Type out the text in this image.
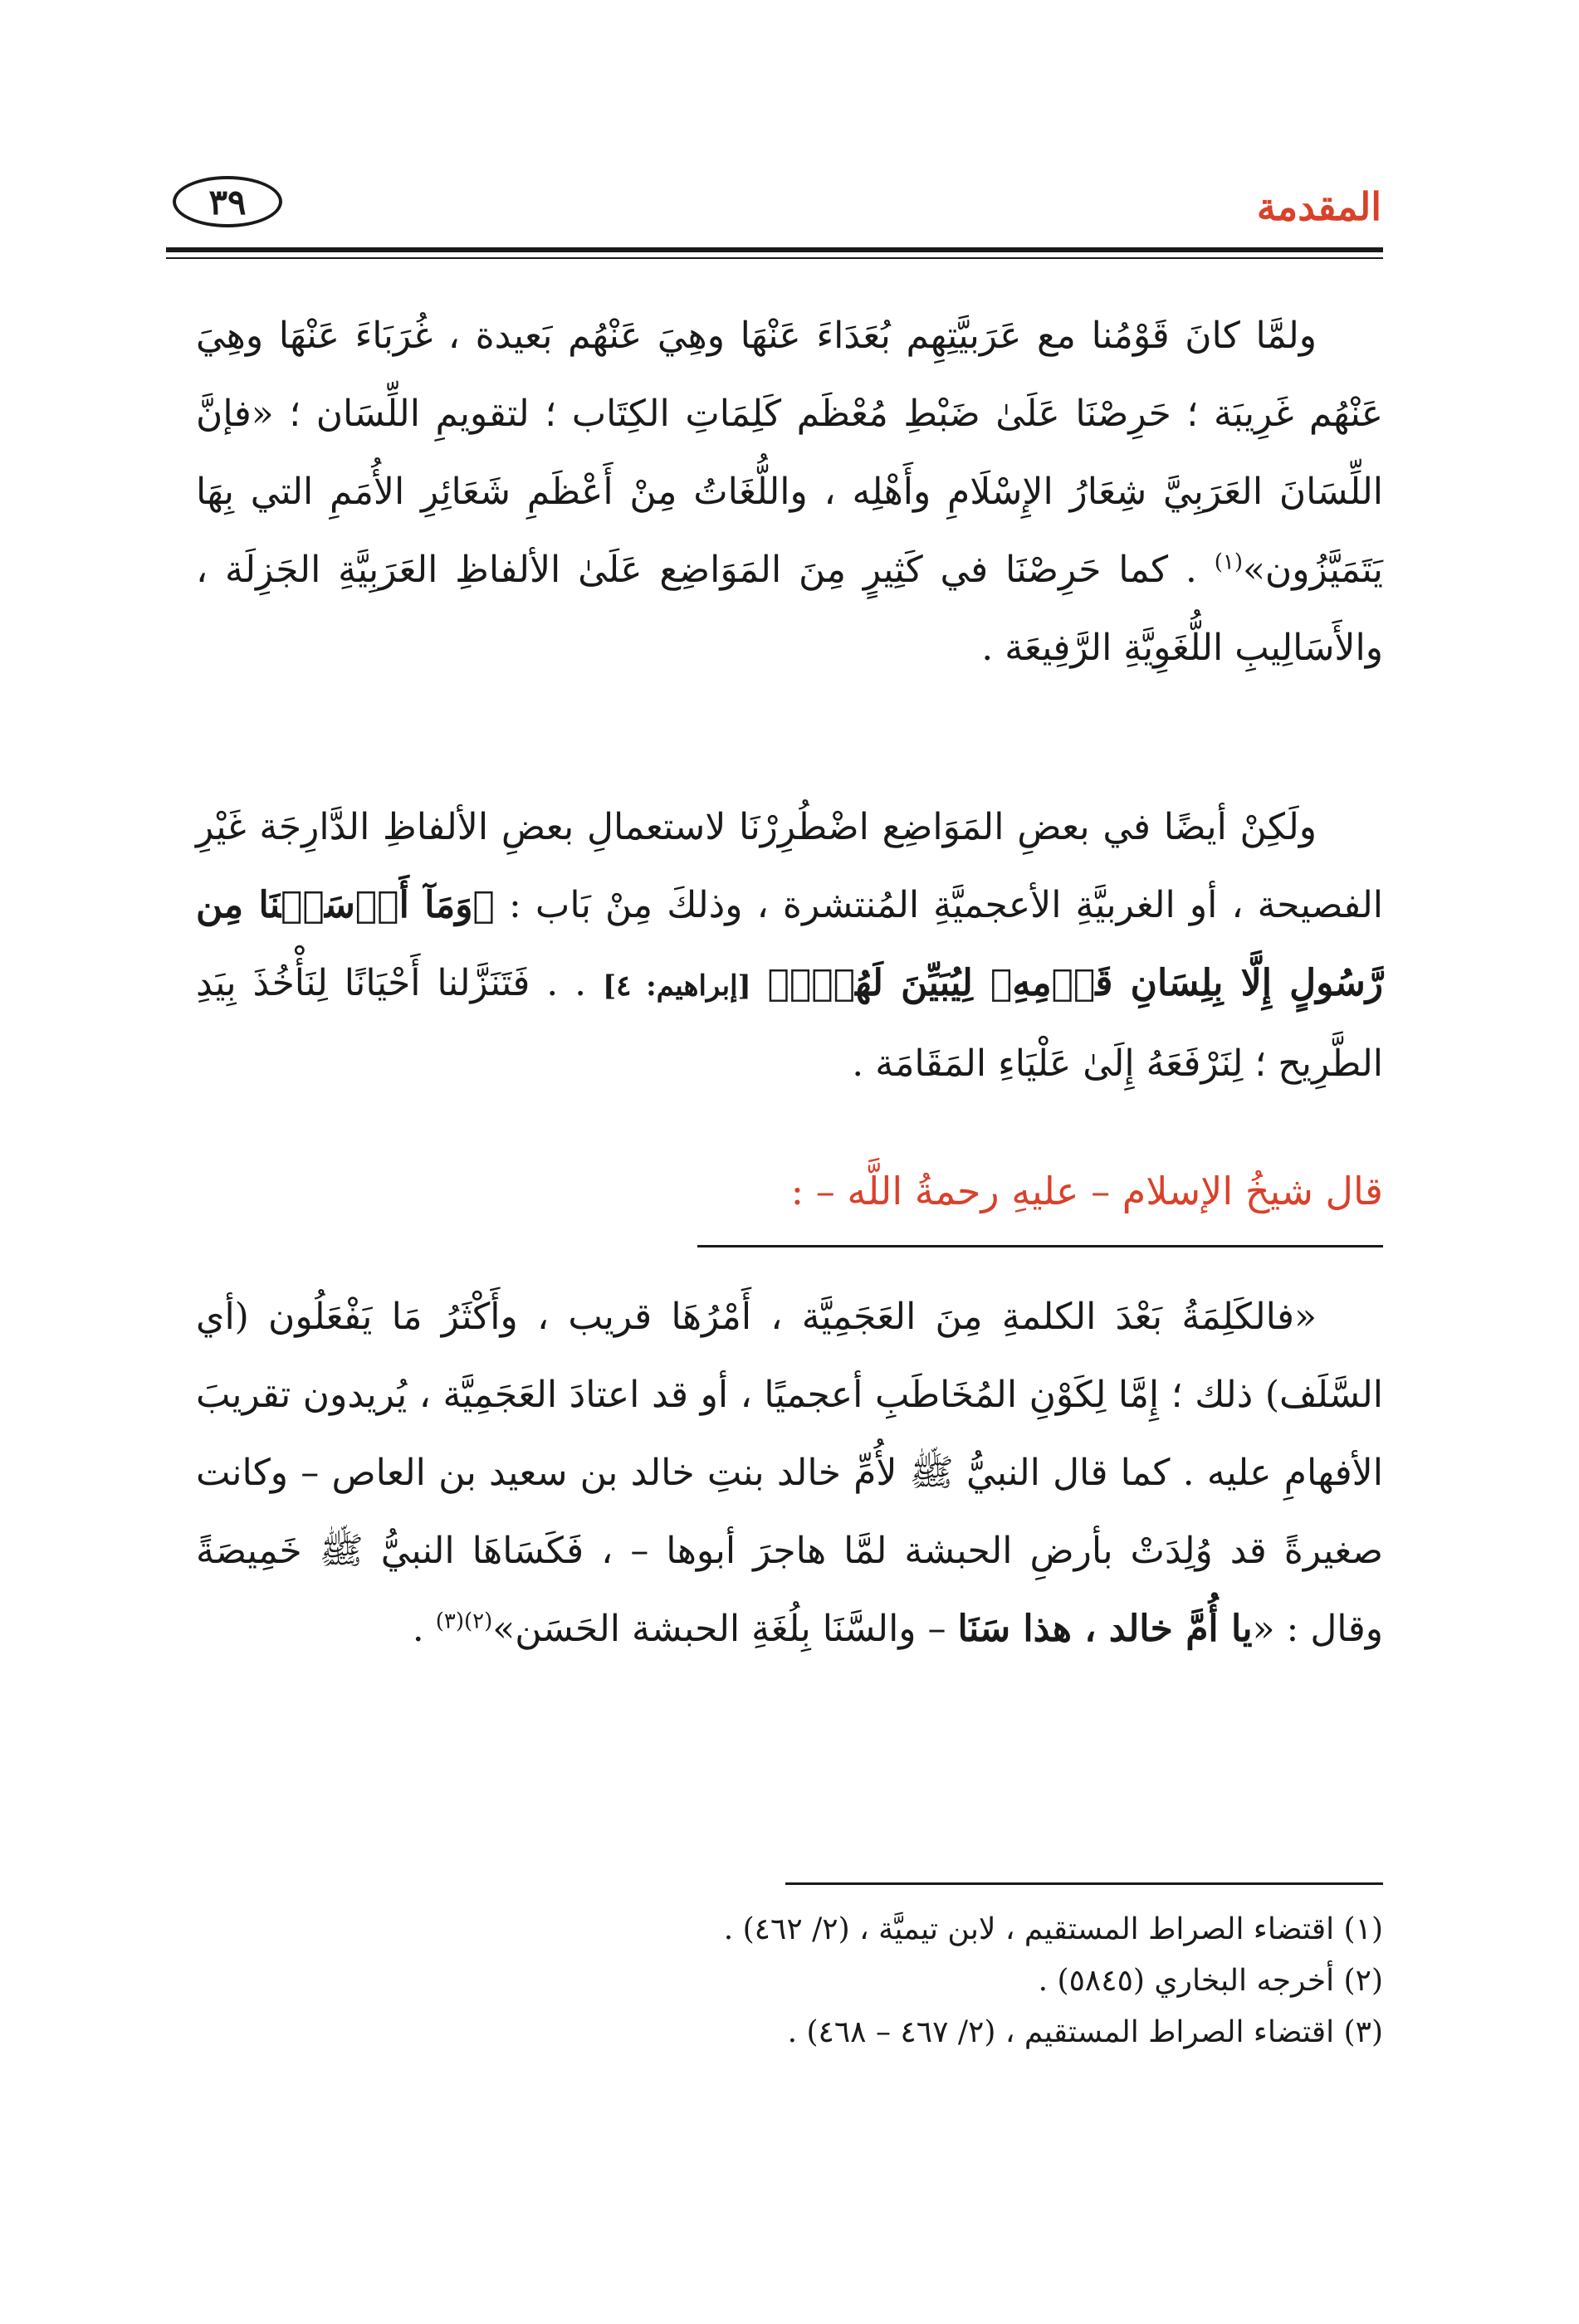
المقدمة
٣٩

ولمَّا كانَ قَوْمُنا مع عَرَبيَّتِهِم بُعَدَاءَ عَنْهَا وهِيَ عَنْهُم بَعيدة ، غُرَبَاءَ عَنْهَا وهِيَ عَنْهُم غَرِيبَة ؛ حَرِصْنَا عَلَىٰ ضَبْطِ مُعْظَم كَلِمَاتِ الكِتَاب ؛ لتقويمِ اللِّسَان ؛ «فإنَّ اللِّسَانَ العَرَبِيَّ شِعَارُ الإِسْلَامِ وأَهْلِه ، واللُّغَاتُ مِنْ أَعْظَمِ شَعَائِرِ الأُمَمِ التي بِهَا يَتَمَيَّزُون»$^{(١)}$ . كما حَرِصْنَا في كَثِيرٍ مِنَ المَوَاضِع عَلَىٰ الألفاظِ العَرَبِيَّةِ الجَزِلَة ، والأَسَالِيبِ اللُّغَوِيَّةِ الرَّفِيعَة .

ولَكِنْ أيضًا في بعضِ المَوَاضِع اضْطُرِرْنَا لاستعمالِ بعضِ الألفاظِ الدَّارِجَة غَيْرِ الفصيحة ، أو الغربيَّةِ الأعجميَّةِ المُنتشرة ، وذلكَ مِنْ بَاب : ﴿وَمَآ أَرۡسَلۡنَا مِن رَّسُولٍ إِلَّا بِلِسَانِ قَوۡمِهِۦ لِيُبَيِّنَ لَهُمۡۖ﴾ [إبراهيم: ٤] . . فَتَنَزَّلنا أَحْيَانًا لِنَأْخُذَ بِيَدِ الطَّرِيح ؛ لِنَرْفَعَهُ إِلَىٰ عَلْيَاءِ المَقَامَة .

قال شيخُ الإسلام – عليهِ رحمةُ اللَّه – :

«فالكَلِمَةُ بَعْدَ الكلمةِ مِنَ العَجَمِيَّة ، أَمْرُهَا قريب ، وأَكْثَرُ مَا يَفْعَلُون (أي السَّلَف) ذلك ؛ إِمَّا لِكَوْنِ المُخَاطَبِ أعجميًا ، أو قد اعتادَ العَجَمِيَّة ، يُريدون تقريبَ الأفهامِ عليه . كما قال النبيُّ ﷺ لأُمِّ خالد بنتِ خالد بن سعيد بن العاص – وكانت صغيرةً قد وُلِدَتْ بأرضِ الحبشة لمَّا هاجرَ أبوها – ، فَكَسَاهَا النبيُّ ﷺ خَمِيصَةً وقال : «يا أُمَّ خالد ، هذا سَنَا – والسَّنَا بِلُغَةِ الحبشة الحَسَن»$^{(٢)(٣)}$ .

(١) اقتضاء الصراط المستقيم ، لابن تيميَّة ، (٢/ ٤٦٢) .
(٢) أخرجه البخاري (٥٨٤٥) .
(٣) اقتضاء الصراط المستقيم ، (٢/ ٤٦٧ – ٤٦٨) .
